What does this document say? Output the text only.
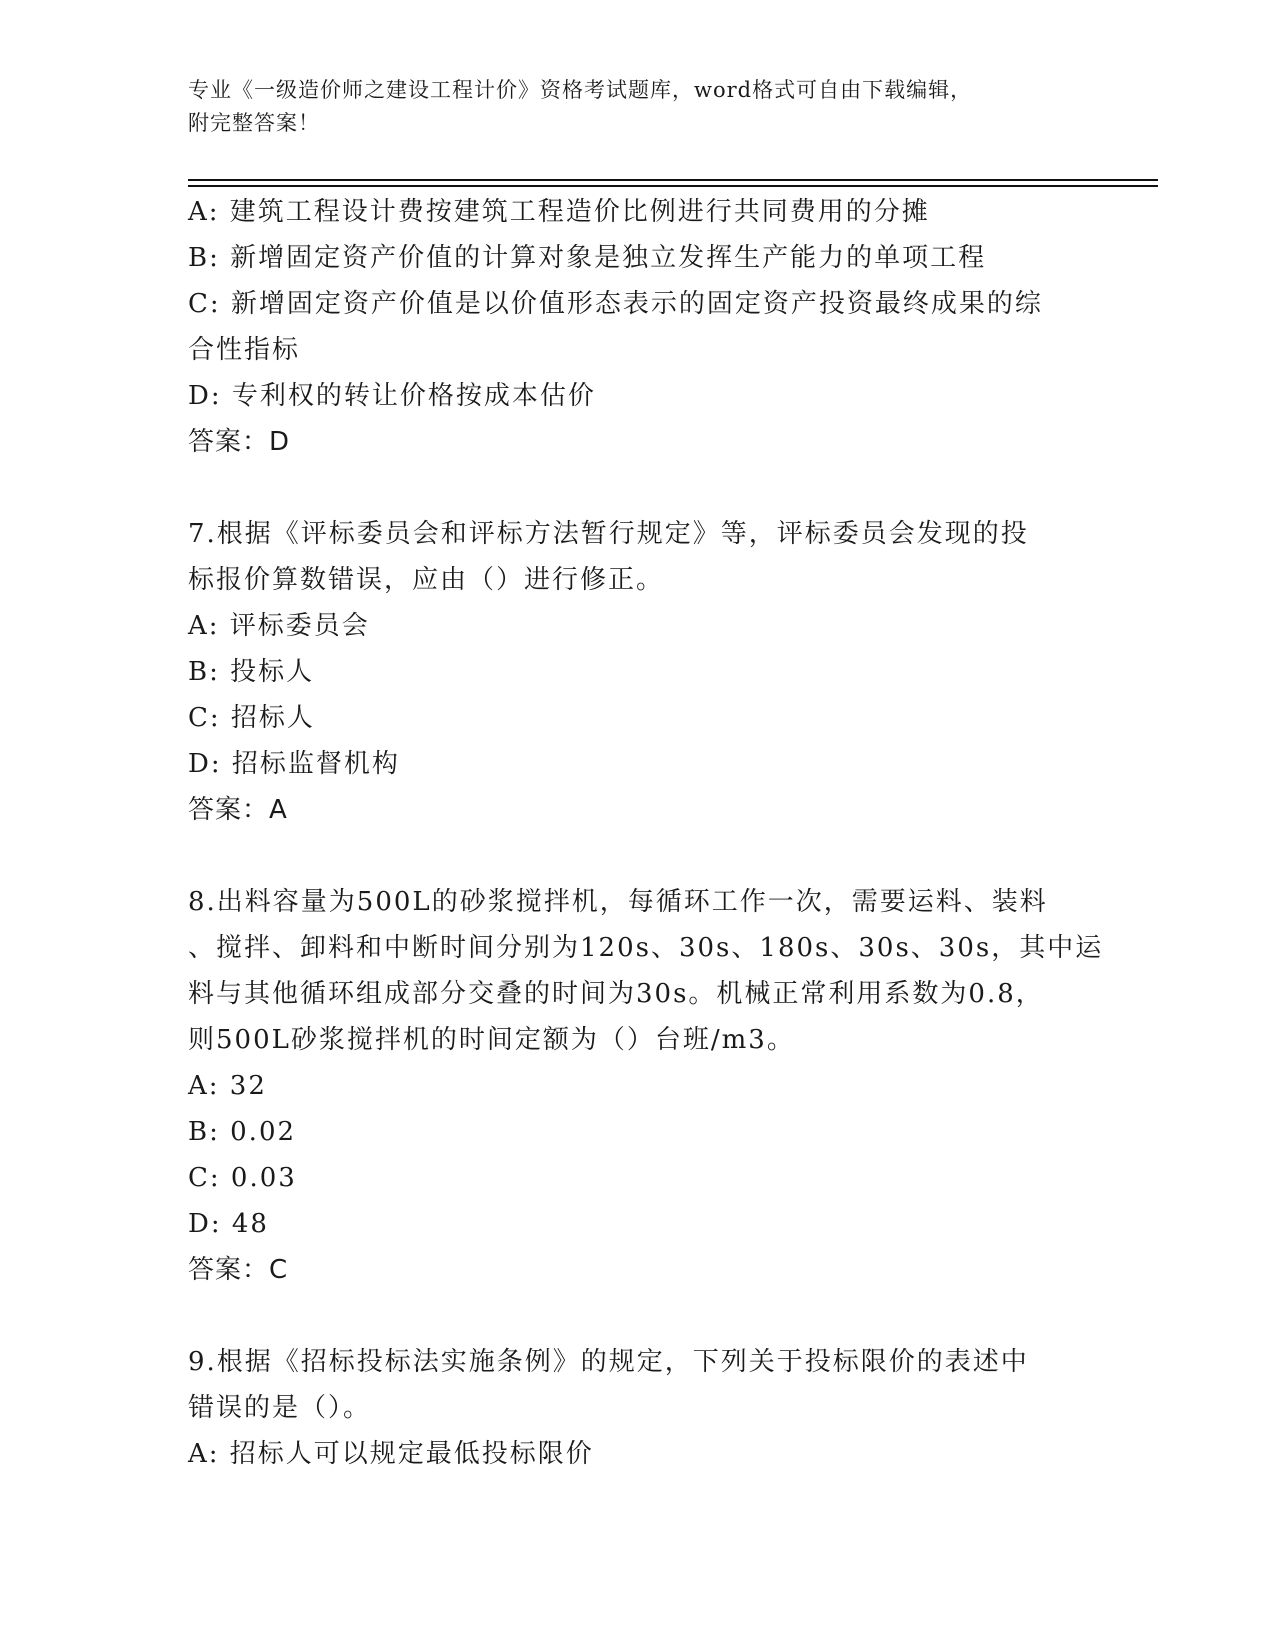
专业《一级造价师之建设工程计价》资格考试题库，word格式可自由下载编辑，
附完整答案！
A: 建筑工程设计费按建筑工程造价比例进行共同费用的分摊
B: 新增固定资产价值的计算对象是独立发挥生产能力的单项工程
C: 新增固定资产价值是以价值形态表示的固定资产投资最终成果的综
合性指标
D: 专利权的转让价格按成本估价
答案：D
7.根据《评标委员会和评标方法暂行规定》等，评标委员会发现的投
标报价算数错误，应由（）进行修正。
A: 评标委员会
B: 投标人
C: 招标人
D: 招标监督机构
答案：A
8.出料容量为500L的砂浆搅拌机，每循环工作一次，需要运料、装料
、搅拌、卸料和中断时间分别为120s、30s、180s、30s、30s，其中运
料与其他循环组成部分交叠的时间为30s。机械正常利用系数为0.8，
则500L砂浆搅拌机的时间定额为（）台班/m3。
A: 32
B: 0.02
C: 0.03
D: 48
答案：C
9.根据《招标投标法实施条例》的规定，下列关于投标限价的表述中
错误的是（）。
A: 招标人可以规定最低投标限价
